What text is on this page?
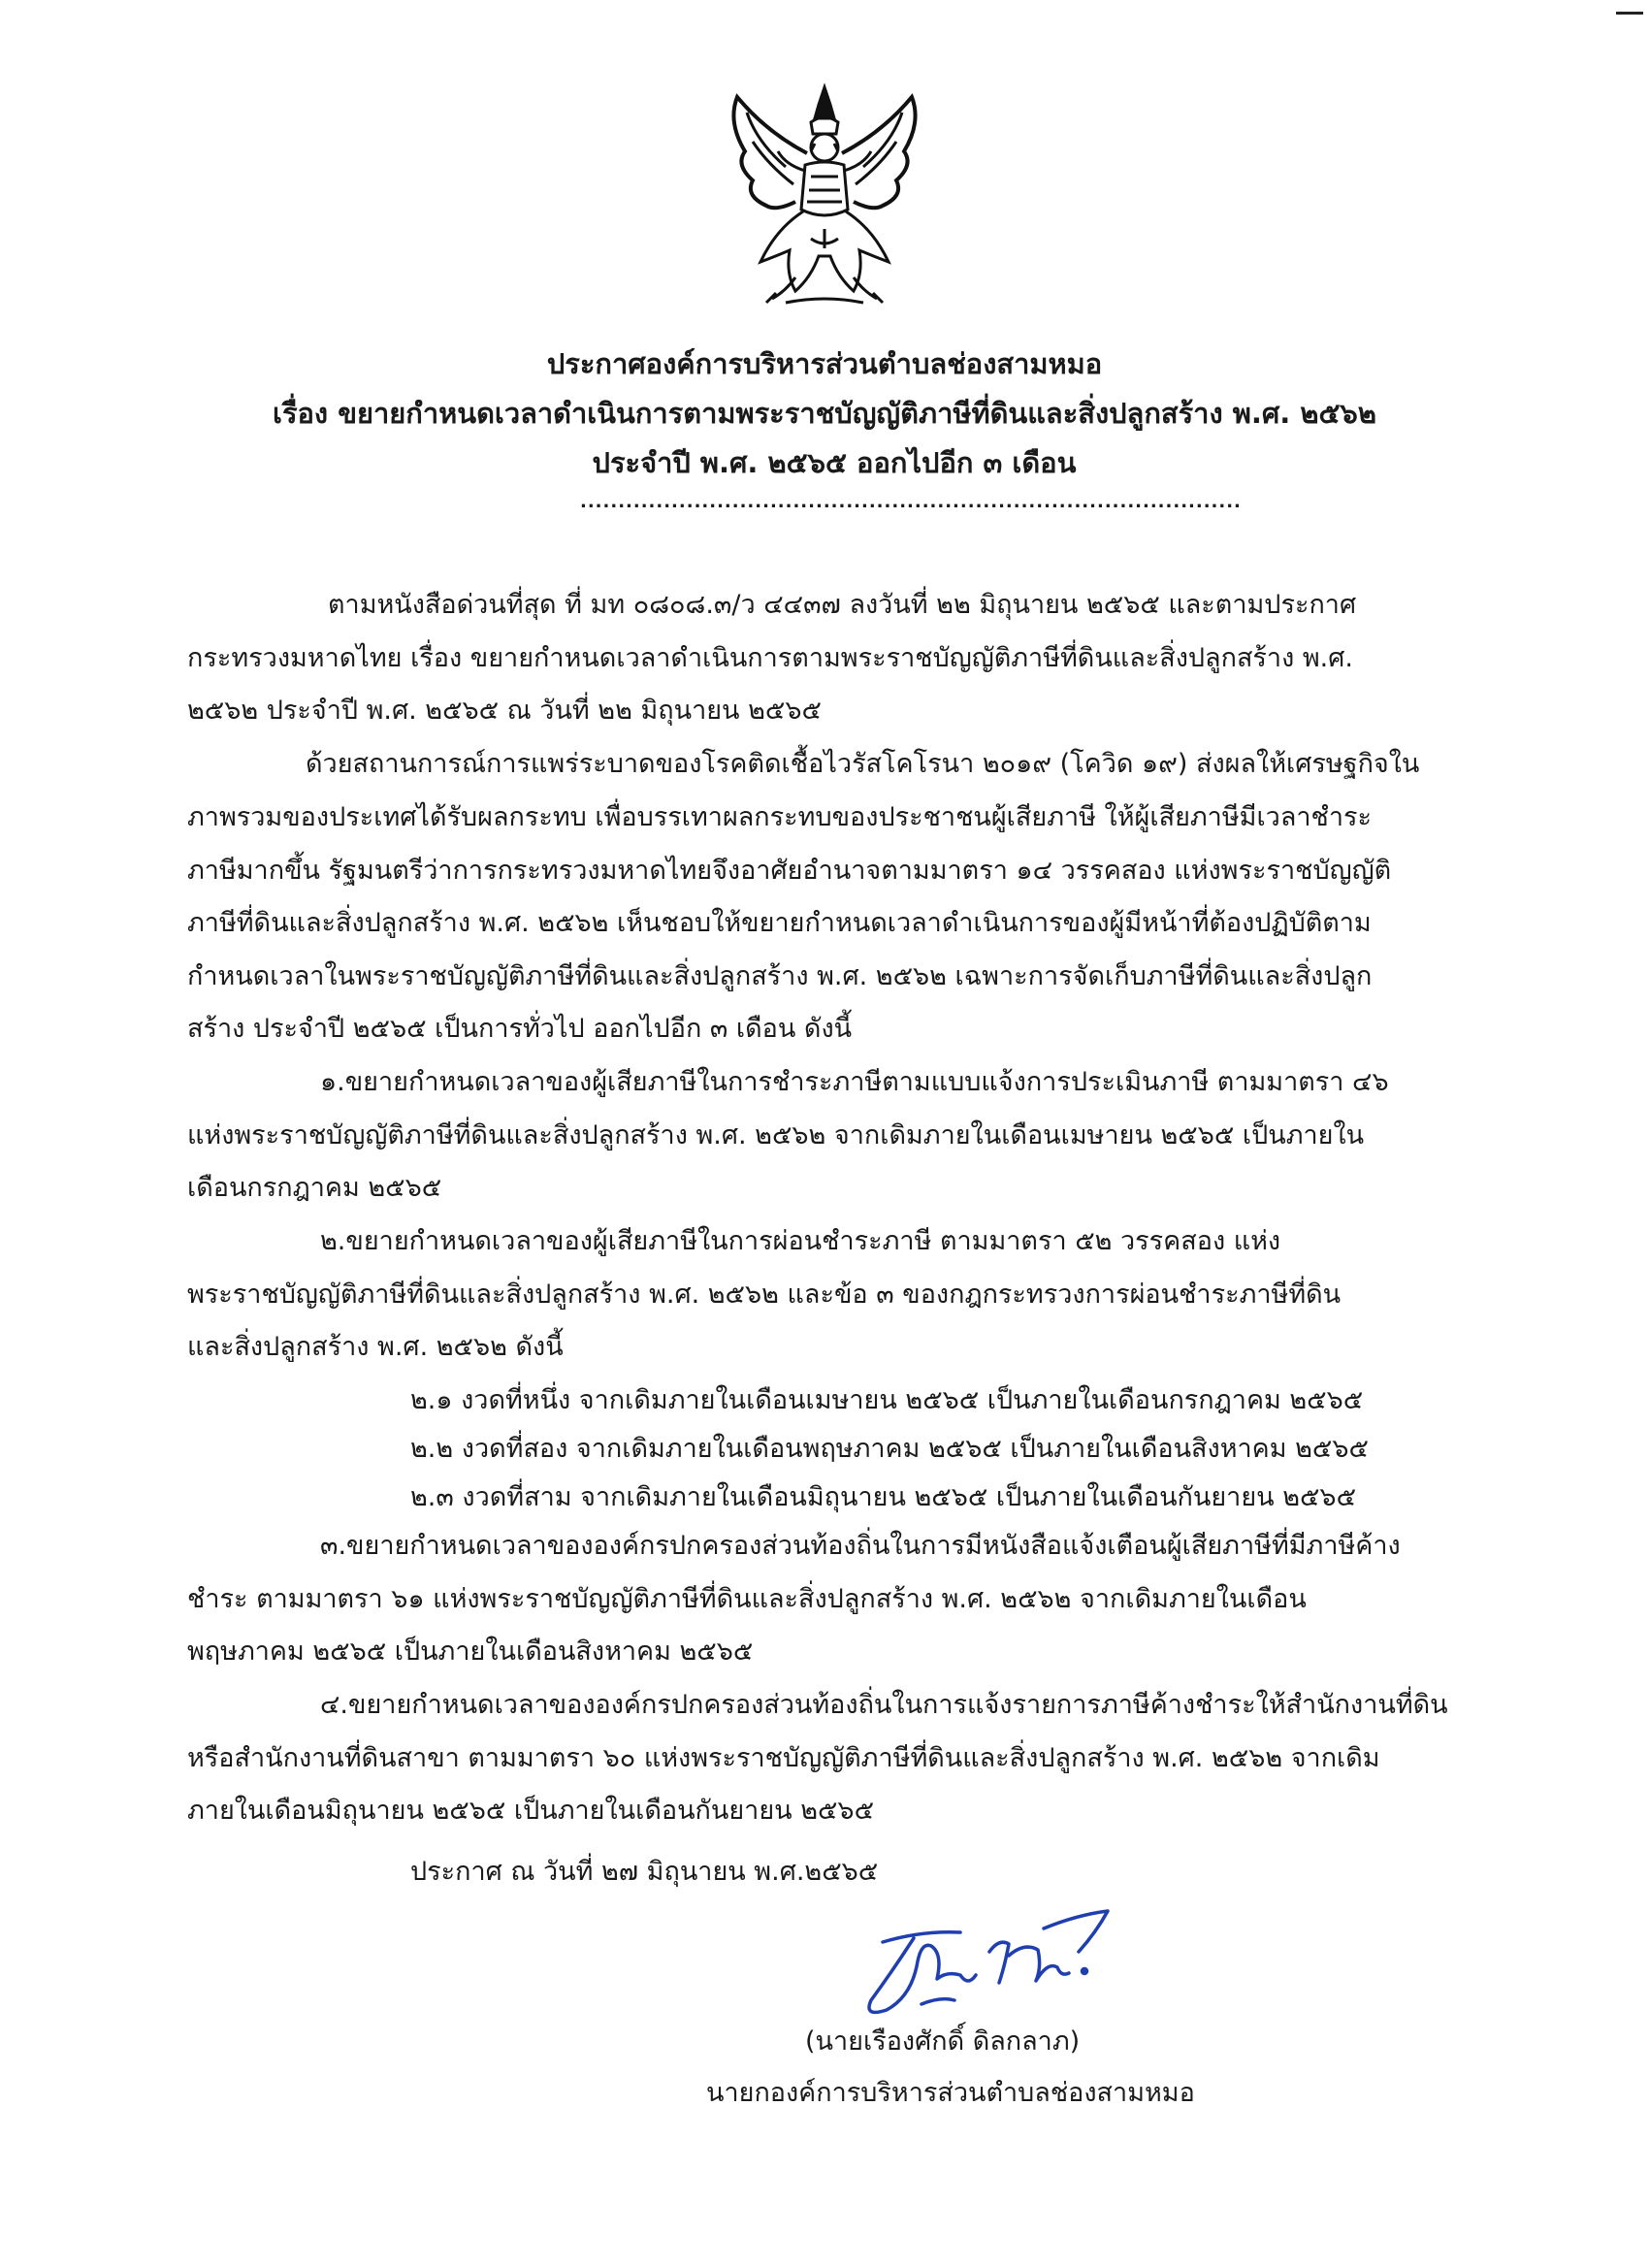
ประกาศองค์การบริหารส่วนตำบลช่องสามหมอ
เรื่อง ขยายกำหนดเวลาดำเนินการตามพระราชบัญญัติภาษีที่ดินและสิ่งปลูกสร้าง พ.ศ. ๒๕๖๒
ประจำปี พ.ศ. ๒๕๖๕ ออกไปอีก ๓ เดือน
.......................................................................................
ตามหนังสือด่วนที่สุด ที่ มท ๐๘๐๘.๓/ว ๔๔๓๗ ลงวันที่ ๒๒ มิถุนายน ๒๕๖๕ และตามประกาศ
กระทรวงมหาดไทย เรื่อง ขยายกำหนดเวลาดำเนินการตามพระราชบัญญัติภาษีที่ดินและสิ่งปลูกสร้าง พ.ศ.
๒๕๖๒ ประจำปี พ.ศ. ๒๕๖๕ ณ วันที่ ๒๒ มิถุนายน ๒๕๖๕
ด้วยสถานการณ์การแพร่ระบาดของโรคติดเชื้อไวรัสโคโรนา ๒๐๑๙ (โควิด ๑๙) ส่งผลให้เศรษฐกิจใน
ภาพรวมของประเทศได้รับผลกระทบ เพื่อบรรเทาผลกระทบของประชาชนผู้เสียภาษี ให้ผู้เสียภาษีมีเวลาชำระ
ภาษีมากขึ้น รัฐมนตรีว่าการกระทรวงมหาดไทยจึงอาศัยอำนาจตามมาตรา ๑๔ วรรคสอง แห่งพระราชบัญญัติ
ภาษีที่ดินและสิ่งปลูกสร้าง พ.ศ. ๒๕๖๒ เห็นชอบให้ขยายกำหนดเวลาดำเนินการของผู้มีหน้าที่ต้องปฏิบัติตาม
กำหนดเวลาในพระราชบัญญัติภาษีที่ดินและสิ่งปลูกสร้าง พ.ศ. ๒๕๖๒ เฉพาะการจัดเก็บภาษีที่ดินและสิ่งปลูก
สร้าง ประจำปี ๒๕๖๕ เป็นการทั่วไป ออกไปอีก ๓ เดือน ดังนี้
๑.ขยายกำหนดเวลาของผู้เสียภาษีในการชำระภาษีตามแบบแจ้งการประเมินภาษี ตามมาตรา ๔๖
แห่งพระราชบัญญัติภาษีที่ดินและสิ่งปลูกสร้าง พ.ศ. ๒๕๖๒ จากเดิมภายในเดือนเมษายน ๒๕๖๕ เป็นภายใน
เดือนกรกฎาคม ๒๕๖๕
๒.ขยายกำหนดเวลาของผู้เสียภาษีในการผ่อนชำระภาษี ตามมาตรา ๕๒ วรรคสอง แห่ง
พระราชบัญญัติภาษีที่ดินและสิ่งปลูกสร้าง พ.ศ. ๒๕๖๒ และข้อ ๓ ของกฎกระทรวงการผ่อนชำระภาษีที่ดิน
และสิ่งปลูกสร้าง พ.ศ. ๒๕๖๒ ดังนี้
๒.๑ งวดที่หนึ่ง จากเดิมภายในเดือนเมษายน ๒๕๖๕ เป็นภายในเดือนกรกฎาคม ๒๕๖๕
๒.๒ งวดที่สอง จากเดิมภายในเดือนพฤษภาคม ๒๕๖๕ เป็นภายในเดือนสิงหาคม ๒๕๖๕
๒.๓ งวดที่สาม จากเดิมภายในเดือนมิถุนายน ๒๕๖๕ เป็นภายในเดือนกันยายน ๒๕๖๕
๓.ขยายกำหนดเวลาขององค์กรปกครองส่วนท้องถิ่นในการมีหนังสือแจ้งเตือนผู้เสียภาษีที่มีภาษีค้าง
ชำระ ตามมาตรา ๖๑ แห่งพระราชบัญญัติภาษีที่ดินและสิ่งปลูกสร้าง พ.ศ. ๒๕๖๒ จากเดิมภายในเดือน
พฤษภาคม ๒๕๖๕ เป็นภายในเดือนสิงหาคม ๒๕๖๕
๔.ขยายกำหนดเวลาขององค์กรปกครองส่วนท้องถิ่นในการแจ้งรายการภาษีค้างชำระให้สำนักงานที่ดิน
หรือสำนักงานที่ดินสาขา ตามมาตรา ๖๐ แห่งพระราชบัญญัติภาษีที่ดินและสิ่งปลูกสร้าง พ.ศ. ๒๕๖๒ จากเดิม
ภายในเดือนมิถุนายน ๒๕๖๕ เป็นภายในเดือนกันยายน ๒๕๖๕
ประกาศ ณ วันที่ ๒๗ มิถุนายน พ.ศ.๒๕๖๕
(นายเรืองศักดิ์ ดิลกลาภ)
นายกองค์การบริหารส่วนตำบลช่องสามหมอ
